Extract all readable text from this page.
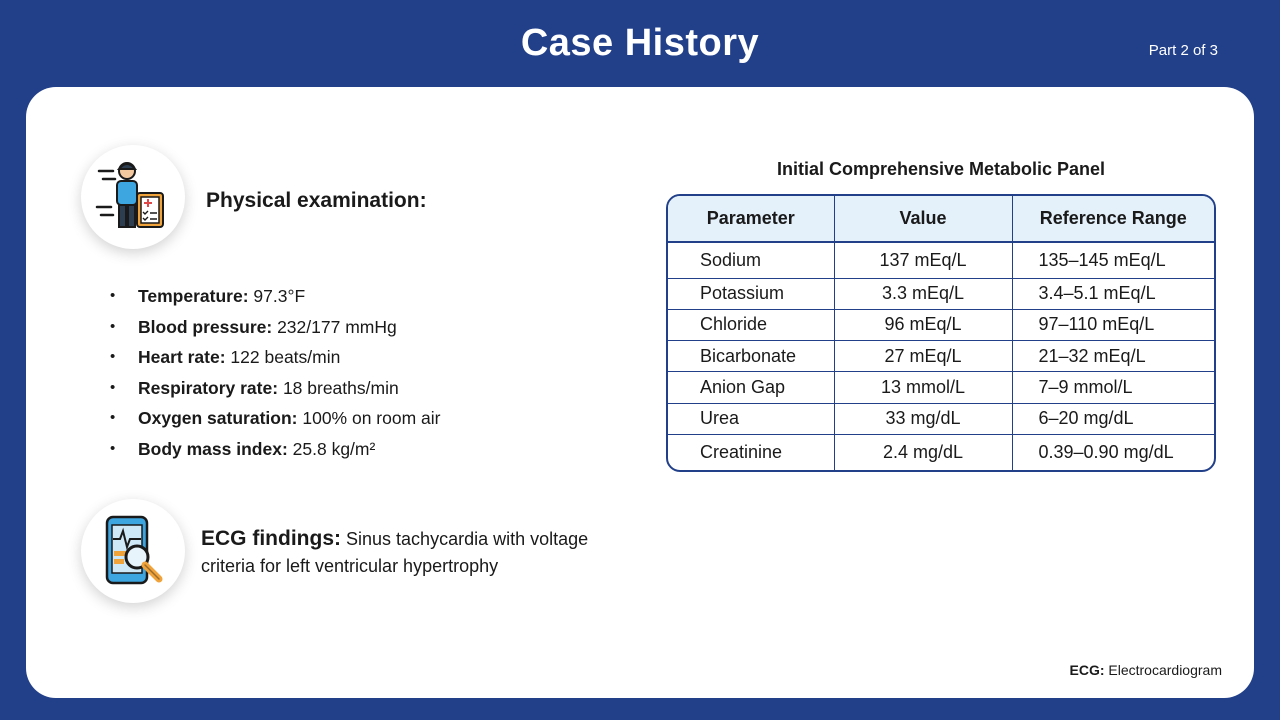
Case History	Part 2 of 3
Physical examination:
• Temperature: 97.3°F
• Blood pressure: 232/177 mmHg
• Heart rate: 122 beats/min
• Respiratory rate: 18 breaths/min
• Oxygen saturation: 100% on room air
• Body mass index: 25.8 kg/m²
ECG findings: Sinus tachycardia with voltage criteria for left ventricular hypertrophy
Initial Comprehensive Metabolic Panel
Parameter	Value	Reference Range
Sodium	137 mEq/L	135–145 mEq/L
Potassium	3.3 mEq/L	3.4–5.1 mEq/L
Chloride	96 mEq/L	97–110 mEq/L
Bicarbonate	27 mEq/L	21–32 mEq/L
Anion Gap	13 mmol/L	7–9 mmol/L
Urea	33 mg/dL	6–20 mg/dL
Creatinine	2.4 mg/dL	0.39–0.90 mg/dL
ECG: Electrocardiogram
